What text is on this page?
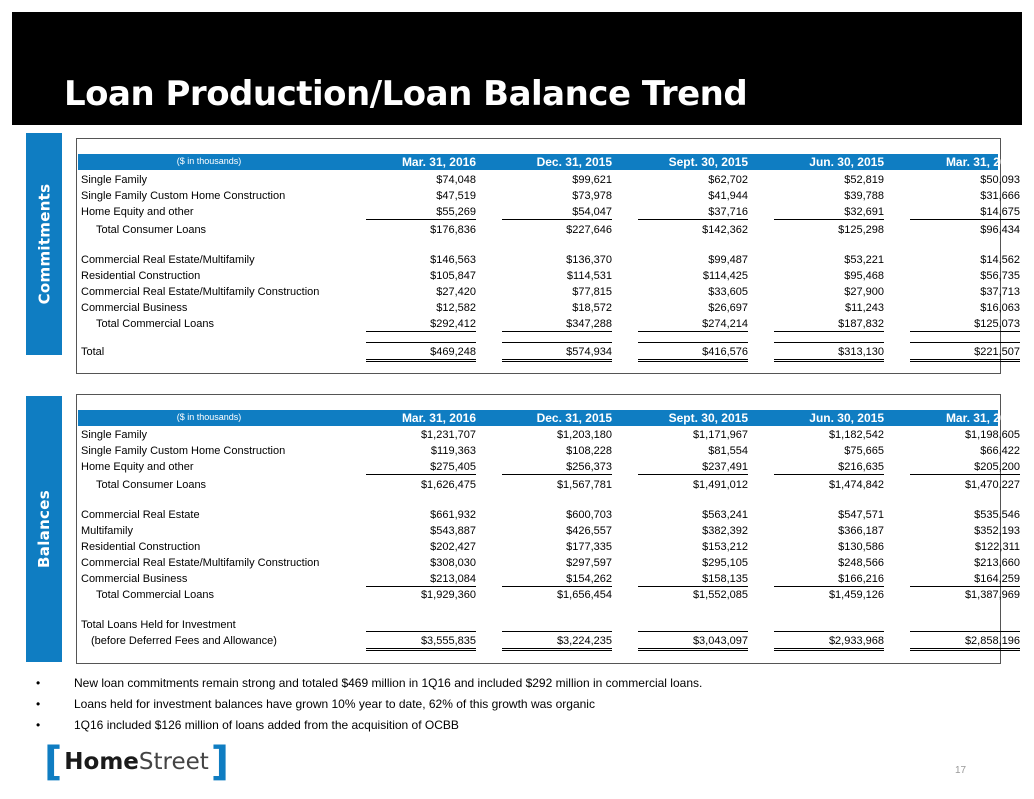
Loan Production/Loan Balance Trend
Commitments
Balances
($ in thousands)	Mar. 31, 2016	Dec. 31, 2015	Sept. 30, 2015	Jun. 30, 2015	Mar. 31, 2015
Single Family	$74,048	$99,621	$62,702	$52,819	$50,093
Single Family Custom Home Construction	$47,519	$73,978	$41,944	$39,788	$31,666
Home Equity and other	$55,269	$54,047	$37,716	$32,691	$14,675
Total Consumer Loans	$176,836	$227,646	$142,362	$125,298	$96,434
Commercial Real Estate/Multifamily	$146,563	$136,370	$99,487	$53,221	$14,562
Residential Construction	$105,847	$114,531	$114,425	$95,468	$56,735
Commercial Real Estate/Multifamily Construction	$27,420	$77,815	$33,605	$27,900	$37,713
Commercial Business	$12,582	$18,572	$26,697	$11,243	$16,063
Total Commercial Loans	$292,412	$347,288	$274,214	$187,832	$125,073
Total	$469,248	$574,934	$416,576	$313,130	$221,507
($ in thousands)	Mar. 31, 2016	Dec. 31, 2015	Sept. 30, 2015	Jun. 30, 2015	Mar. 31, 2015
Single Family	$1,231,707	$1,203,180	$1,171,967	$1,182,542	$1,198,605
Single Family Custom Home Construction	$119,363	$108,228	$81,554	$75,665	$66,422
Home Equity and other	$275,405	$256,373	$237,491	$216,635	$205,200
Total Consumer Loans	$1,626,475	$1,567,781	$1,491,012	$1,474,842	$1,470,227
Commercial Real Estate	$661,932	$600,703	$563,241	$547,571	$535,546
Multifamily	$543,887	$426,557	$382,392	$366,187	$352,193
Residential Construction	$202,427	$177,335	$153,212	$130,586	$122,311
Commercial Real Estate/Multifamily Construction	$308,030	$297,597	$295,105	$248,566	$213,660
Commercial Business	$213,084	$154,262	$158,135	$166,216	$164,259
Total Commercial Loans	$1,929,360	$1,656,454	$1,552,085	$1,459,126	$1,387,969
Total Loans Held for Investment
(before Deferred Fees and Allowance)	$3,555,835	$3,224,235	$3,043,097	$2,933,968	$2,858,196
•	New loan commitments remain strong and totaled $469 million in 1Q16 and included $292 million in commercial loans.
•	Loans held for investment balances have grown 10% year to date, 62% of this growth was organic
•	1Q16 included $126 million of loans added from the acquisition of OCBB
[ HomeStreet ]	17
